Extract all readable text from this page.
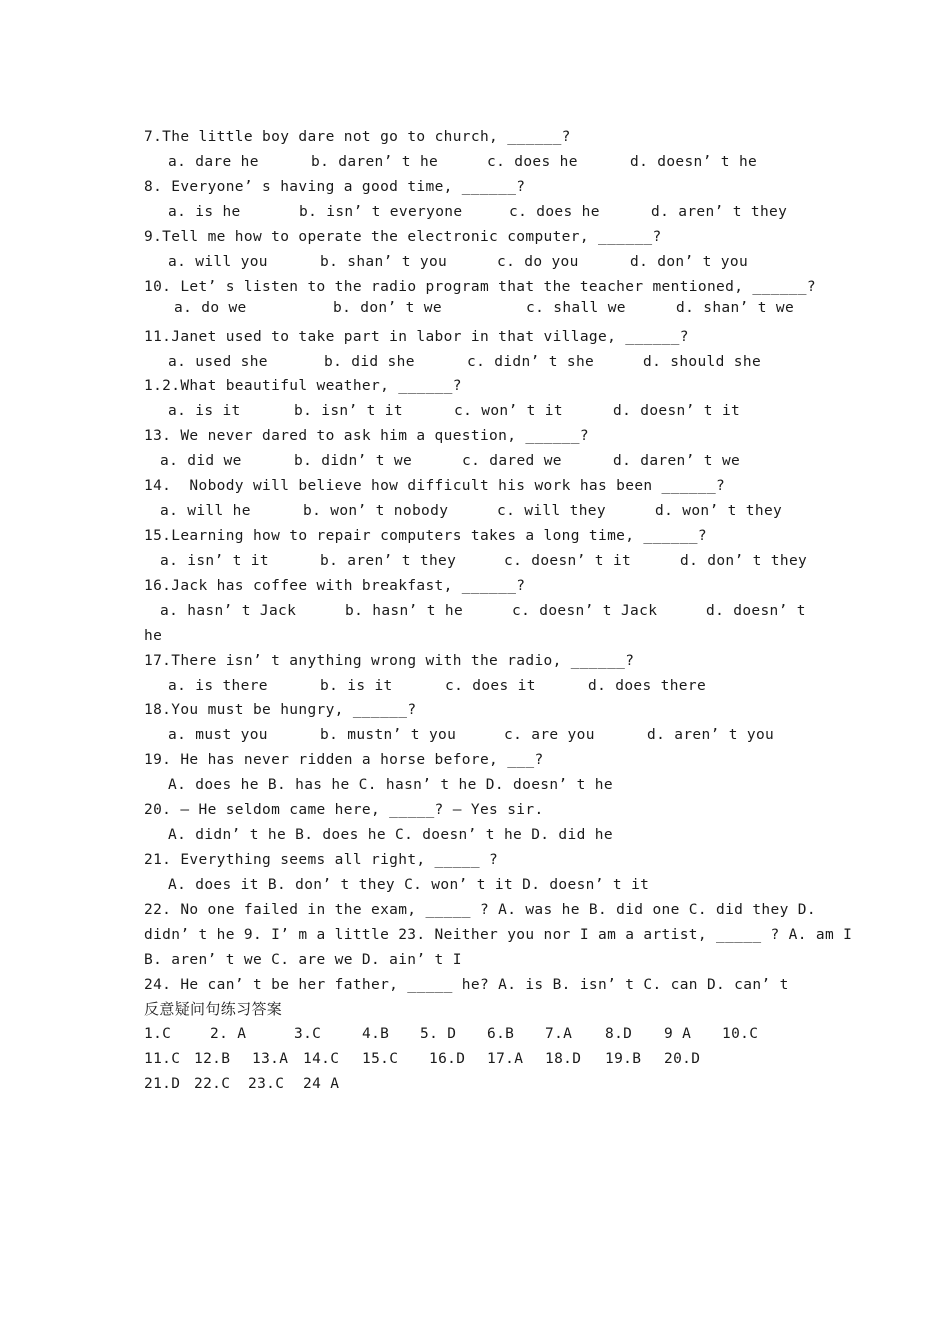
7.The little boy dare not go to church, ______?
a. dare he	b. daren’ t he	c. does he	d. doesn’ t he
8. Everyone’ s having a good time, ______?
a. is he	b. isn’ t everyone	c. does he	d. aren’ t they
9.Tell me how to operate the electronic computer, ______?
a. will you	b. shan’ t you	c. do you	d. don’ t you
10. Let’ s listen to the radio program that the teacher mentioned, ______?
a. do we	b. don’ t we	c. shall we	d. shan’ t we
11.Janet used to take part in labor in that village, ______?
a. used she	b. did she	c. didn’ t she	d. should she
1.2.What beautiful weather, ______?
a. is it	b. isn’ t it	c. won’ t it	d. doesn’ t it
13. We never dared to ask him a question, ______?
a. did we	b. didn’ t we	c. dared we	d. daren’ t we
14.  Nobody will believe how difficult his work has been ______?
a. will he	b. won’ t nobody	c. will they	d. won’ t they
15.Learning how to repair computers takes a long time, ______?
a. isn’ t it	b. aren’ t they	c. doesn’ t it	d. don’ t they
16.Jack has coffee with breakfast, ______?
a. hasn’ t Jack	b. hasn’ t he	c. doesn’ t Jack	d. doesn’ t
he
17.There isn’ t anything wrong with the radio, ______?
a. is there	b. is it	c. does it	d. does there
18.You must be hungry, ______?
a. must you	b. mustn’ t you	c. are you	d. aren’ t you
19. He has never ridden a horse before, ___?
A. does he B. has he C. hasn’ t he D. doesn’ t he
20. — He seldom came here, _____? — Yes sir.
A. didn’ t he B. does he C. doesn’ t he D. did he
21. Everything seems all right, _____ ?
A. does it B. don’ t they C. won’ t it D. doesn’ t it
22. No one failed in the exam, _____ ? A. was he B. did one C. did they D.
didn’ t he 9. I’ m a little 23. Neither you nor I am a artist, _____ ? A. am I
B. aren’ t we C. are we D. ain’ t I
24. He can’ t be her father, _____ he? A. is B. isn’ t C. can D. can’ t
反意疑问句练习答案
1.C	2. A	3.C	4.B 5. D 6.B 7.A 8.D 9 A 10.C
11.C 12.B 13.A 14.C 15.C 16.D 17.A 18.D 19.B 20.D
21.D 22.C 23.C 24 A
